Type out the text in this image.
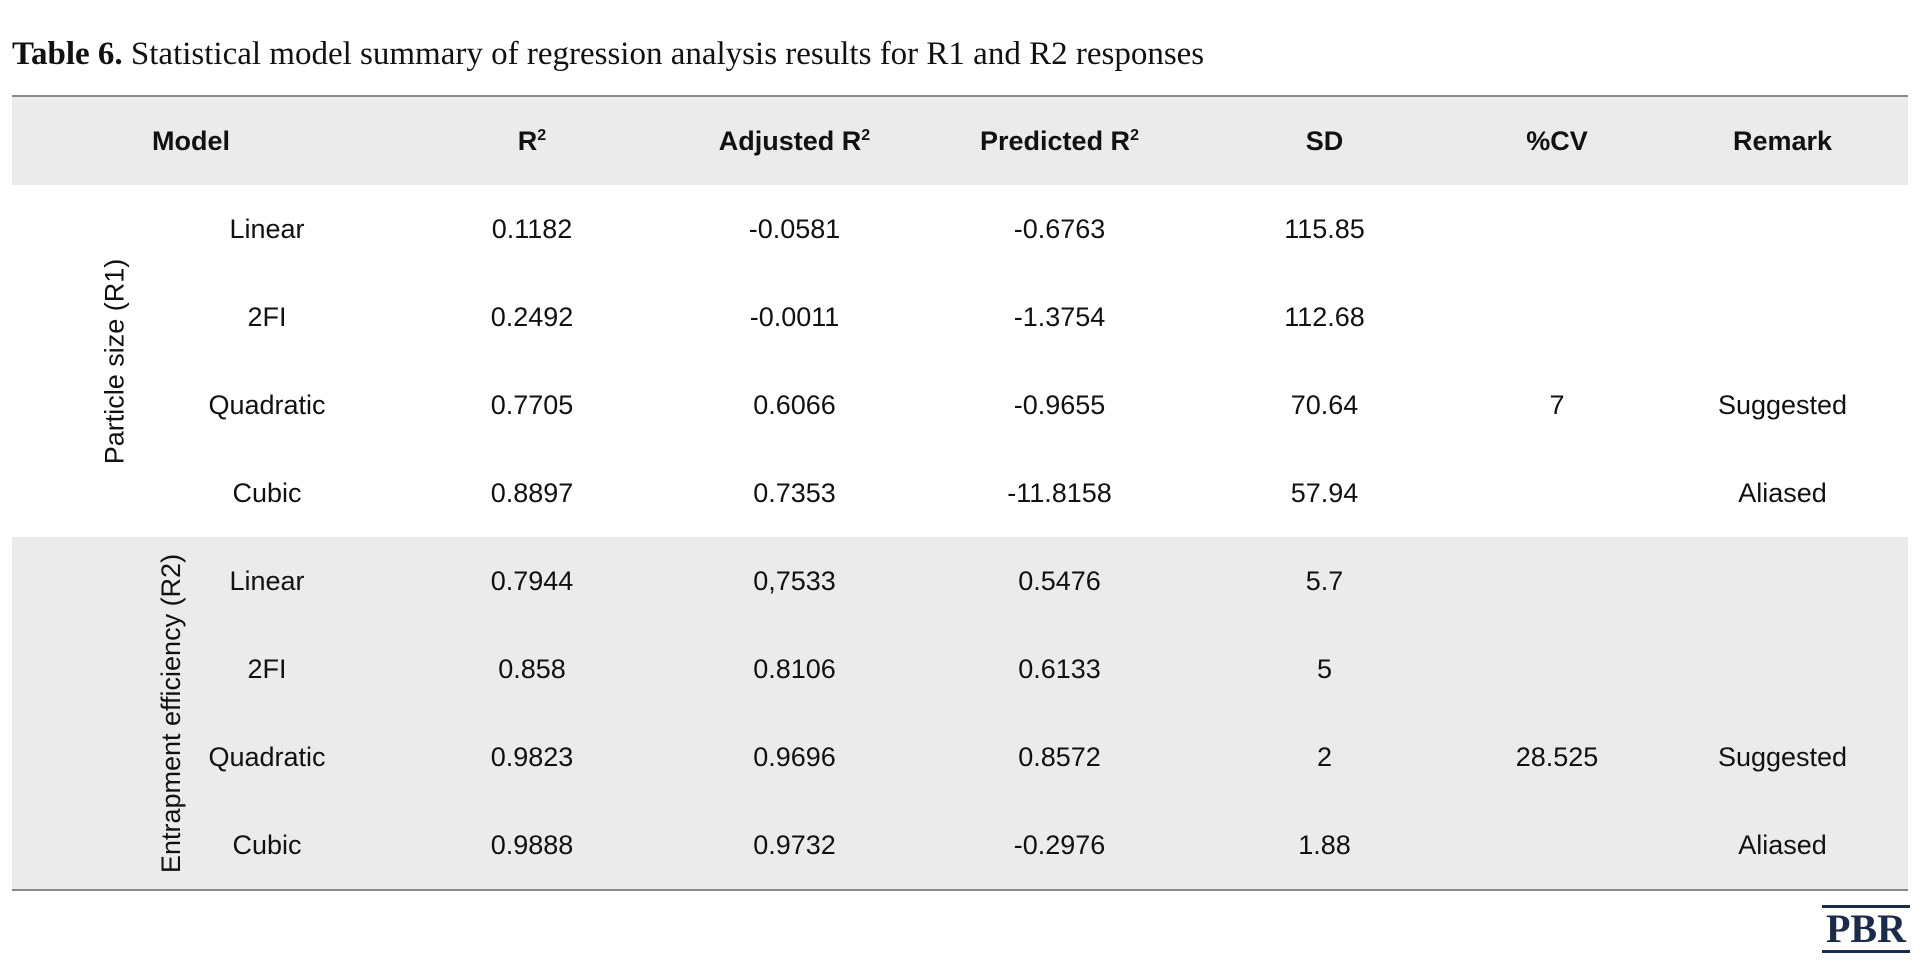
Table 6. Statistical model summary of regression analysis results for R1 and R2 responses
	Model	$R^2$	Adjusted $R^2$	Predicted $R^2$	SD	%CV	Remark
Particle size (R1)	Linear	0.1182	-0.0581	-0.6763	115.85		
	2FI	0.2492	-0.0011	-1.3754	112.68		
	Quadratic	0.7705	0.6066	-0.9655	70.64	7	Suggested
	Cubic	0.8897	0.7353	-11.8158	57.94		Aliased
Entrapment efficiency (R2)	Linear	0.7944	0,7533	0.5476	5.7		
	2FI	0.858	0.8106	0.6133	5		
	Quadratic	0.9823	0.9696	0.8572	2	28.525	Suggested
	Cubic	0.9888	0.9732	-0.2976	1.88		Aliased
PBR
